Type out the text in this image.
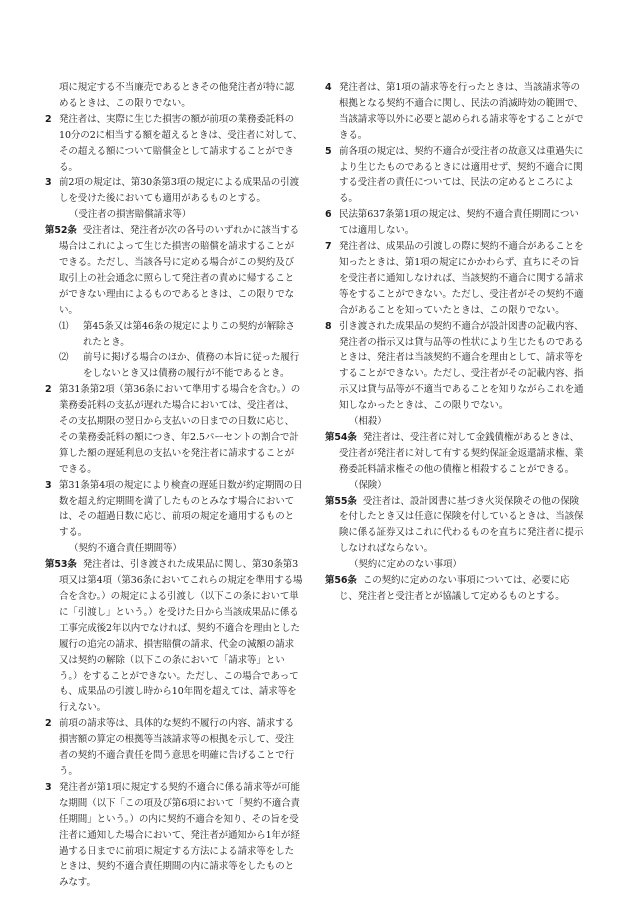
項に規定する不当廉売であるときその他発注者が特に認めるときは、この限りでない。

2 発注者は、実際に生じた損害の額が前項の業務委託料の10分の2に相当する額を超えるときは、受注者に対して、その超える額について賠償金として請求することができる。

3 前2項の規定は、第30条第3項の規定による成果品の引渡しを受けた後においても適用があるものとする。

（受注者の損害賠償請求等）

第52条 受注者は、発注者が次の各号のいずれかに該当する場合はこれによって生じた損害の賠償を請求することができる。ただし、当該各号に定める場合がこの契約及び取引上の社会通念に照らして発注者の責めに帰することができない理由によるものであるときは、この限りでない。

⑴ 第45条又は第46条の規定によりこの契約が解除されたとき。

⑵ 前号に掲げる場合のほか、債務の本旨に従った履行をしないとき又は債務の履行が不能であるとき。

2 第31条第2項（第36条において準用する場合を含む。）の業務委託料の支払が遅れた場合においては、受注者は、その支払期限の翌日から支払いの日までの日数に応じ、その業務委託料の額につき、年2.5パーセントの割合で計算した額の遅延利息の支払いを発注者に請求することができる。

3 第31条第4項の規定により検査の遅延日数が約定期間の日数を超え約定期間を満了したものとみなす場合においては、その超過日数に応じ、前項の規定を適用するものとする。

（契約不適合責任期間等）

第53条 発注者は、引き渡された成果品に関し、第30条第3項又は第4項（第36条においてこれらの規定を準用する場合を含む。）の規定による引渡し（以下この条において単に「引渡し」という。）を受けた日から当該成果品に係る工事完成後2年以内でなければ、契約不適合を理由とした履行の追完の請求、損害賠償の請求、代金の減額の請求又は契約の解除（以下この条において「請求等」という。）をすることができない。ただし、この場合であっても、成果品の引渡し時から10年間を超えては、請求等を行えない。

2 前項の請求等は、具体的な契約不履行の内容、請求する損害額の算定の根拠等当該請求等の根拠を示して、受注者の契約不適合責任を問う意思を明確に告げることで行う。

3 発注者が第1項に規定する契約不適合に係る請求等が可能な期間（以下「この項及び第6項において「契約不適合責任期間」という。）の内に契約不適合を知り、その旨を受注者に通知した場合において、発注者が通知から1年が経過する日までに前項に規定する方法による請求等をしたときは、契約不適合責任期間の内に請求等をしたものとみなす。

4 発注者は、第1項の請求等を行ったときは、当該請求等の根拠となる契約不適合に関し、民法の消滅時効の範囲で、当該請求等以外に必要と認められる請求等をすることができる。

5 前各項の規定は、契約不適合が受注者の故意又は重過失により生じたものであるときには適用せず、契約不適合に関する受注者の責任については、民法の定めるところによる。

6 民法第637条第1項の規定は、契約不適合責任期間については適用しない。

7 発注者は、成果品の引渡しの際に契約不適合があることを知ったときは、第1項の規定にかかわらず、直ちにその旨を受注者に通知しなければ、当該契約不適合に関する請求等をすることができない。ただし、受注者がその契約不適合があることを知っていたときは、この限りでない。

8 引き渡された成果品の契約不適合が設計図書の記載内容、発注者の指示又は貸与品等の性状により生じたものであるときは、発注者は当該契約不適合を理由として、請求等をすることができない。ただし、受注者がその記載内容、指示又は貸与品等が不適当であることを知りながらこれを通知しなかったときは、この限りでない。

（相殺）

第54条 発注者は、受注者に対して金銭債権があるときは、受注者が発注者に対して有する契約保証金返還請求権、業務委託料請求権その他の債権と相殺することができる。

（保険）

第55条 受注者は、設計図書に基づき火災保険その他の保険を付したとき又は任意に保険を付しているときは、当該保険に係る証券又はこれに代わるものを直ちに発注者に提示しなければならない。

（契約に定めのない事項）

第56条 この契約に定めのない事項については、必要に応じ、発注者と受注者とが協議して定めるものとする。
